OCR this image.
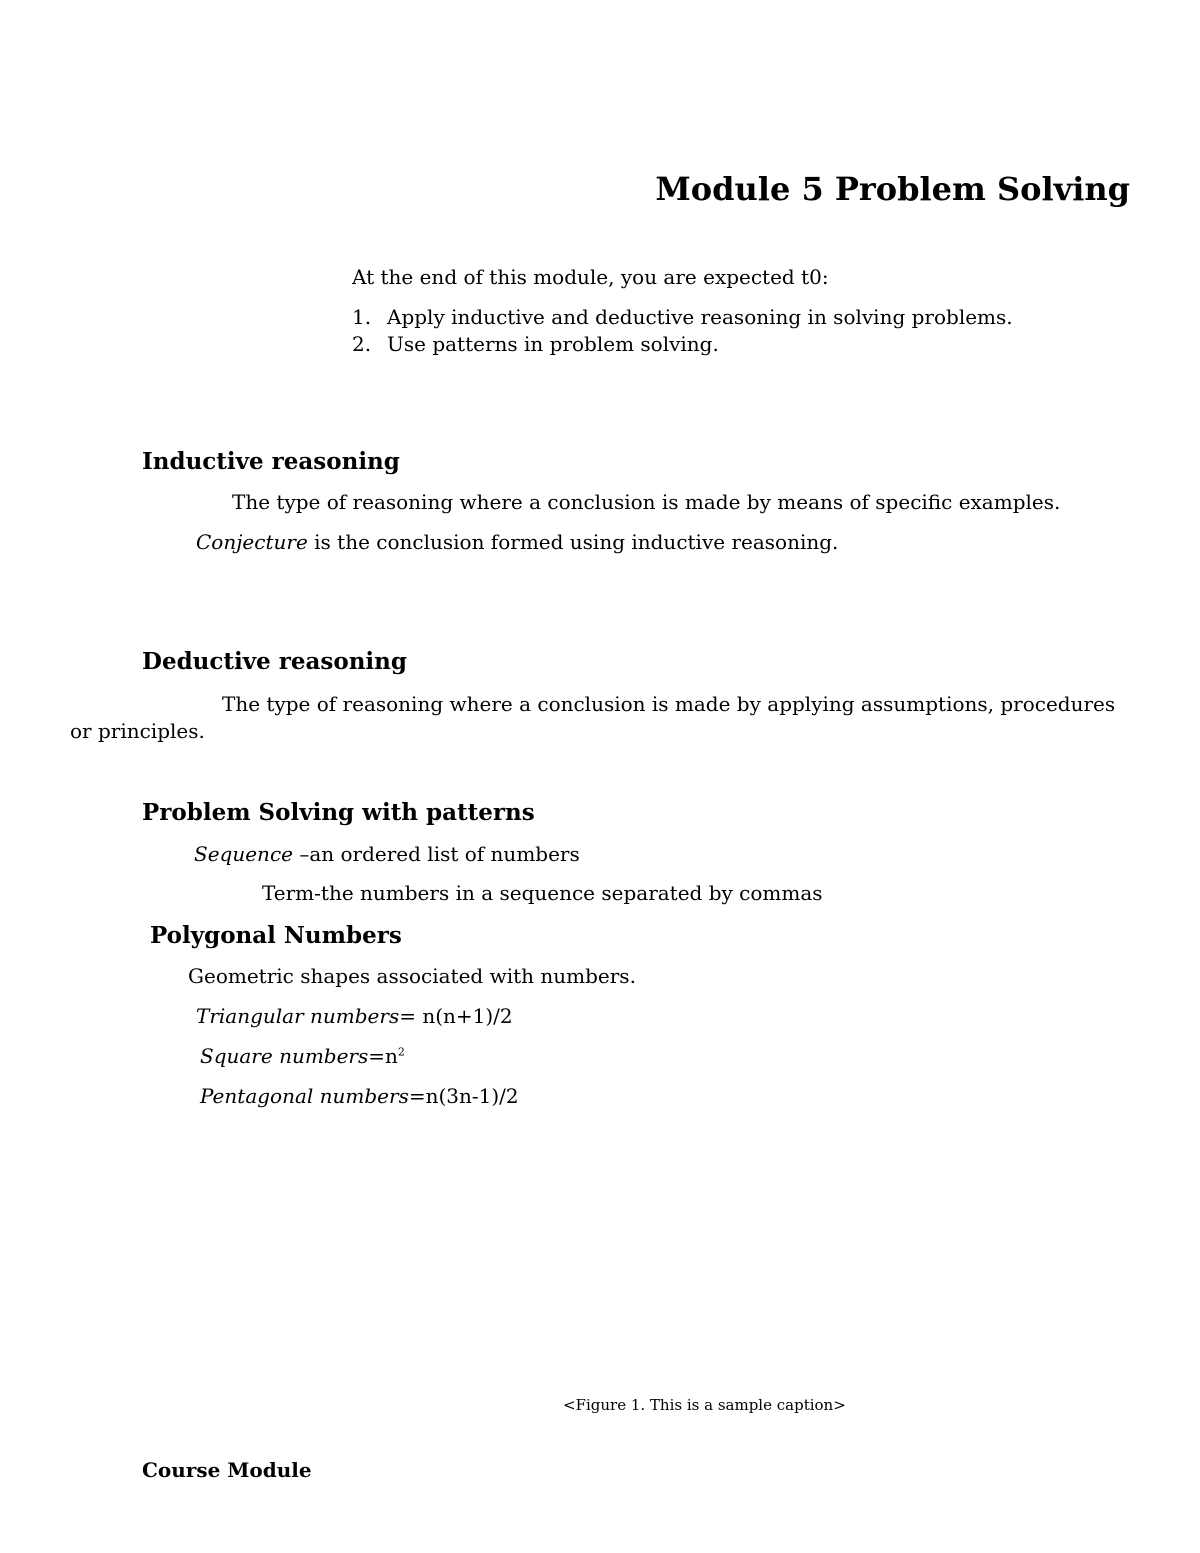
Module 5 Problem Solving
At the end of this module, you are expected t0:
1. Apply inductive and deductive reasoning in solving problems.
2. Use patterns in problem solving.
Inductive reasoning
The type of reasoning where a conclusion is made by means of specific examples.
Conjecture is the conclusion formed using inductive reasoning.
Deductive reasoning
The type of reasoning where a conclusion is made by applying assumptions, procedures
or principles.
Problem Solving with patterns
Sequence –an ordered list of numbers
Term-the numbers in a sequence separated by commas
Polygonal Numbers
Geometric shapes associated with numbers.
Triangular numbers= n(n+1)/2
Square $numbers=n^2$
Pentagonal numbers=n(3n-1)/2
<Figure 1. This is a sample caption>
Course Module
